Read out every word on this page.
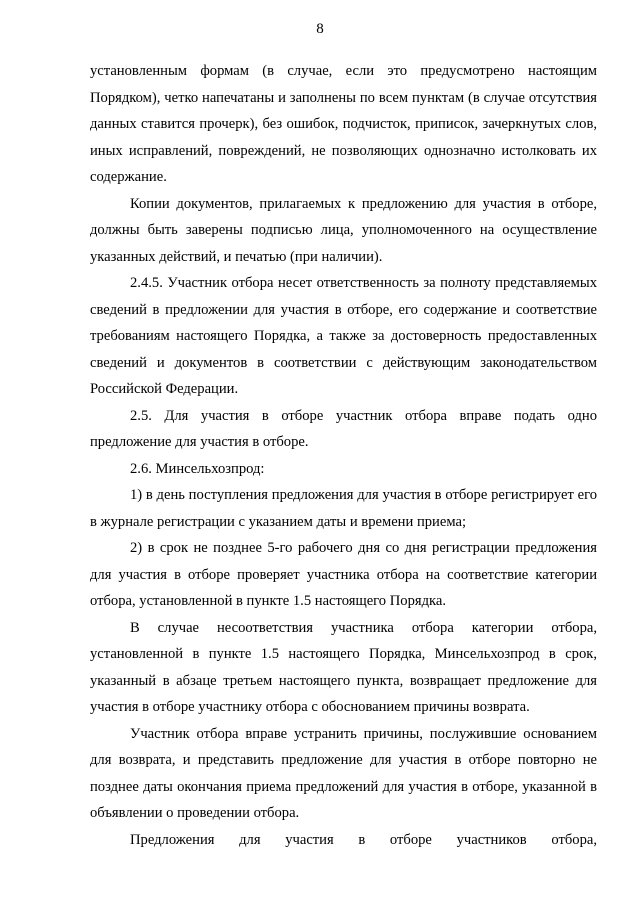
8

установленным формам (в случае, если это предусмотрено настоящим Порядком), четко напечатаны и заполнены по всем пунктам (в случае отсутствия данных ставится прочерк), без ошибок, подчисток, приписок, зачеркнутых слов, иных исправлений, повреждений, не позволяющих однозначно истолковать их содержание.

Копии документов, прилагаемых к предложению для участия в отборе, должны быть заверены подписью лица, уполномоченного на осуществление указанных действий, и печатью (при наличии).

2.4.5. Участник отбора несет ответственность за полноту представляемых сведений в предложении для участия в отборе, его содержание и соответствие требованиям настоящего Порядка, а также за достоверность предоставленных сведений и документов в соответствии с действующим законодательством Российской Федерации.

2.5. Для участия в отборе участник отбора вправе подать одно предложение для участия в отборе.

2.6. Минсельхозпрод:

1) в день поступления предложения для участия в отборе регистрирует его в журнале регистрации с указанием даты и времени приема;

2) в срок не позднее 5-го рабочего дня со дня регистрации предложения для участия в отборе проверяет участника отбора на соответствие категории отбора, установленной в пункте 1.5 настоящего Порядка.

В случае несоответствия участника отбора категории отбора, установленной в пункте 1.5 настоящего Порядка, Минсельхозпрод в срок, указанный в абзаце третьем настоящего пункта, возвращает предложение для участия в отборе участнику отбора с обоснованием причины возврата.

Участник отбора вправе устранить причины, послужившие основанием для возврата, и представить предложение для участия в отборе повторно не позднее даты окончания приема предложений для участия в отборе, указанной в объявлении о проведении отбора.

Предложения для участия в отборе участников отбора,
